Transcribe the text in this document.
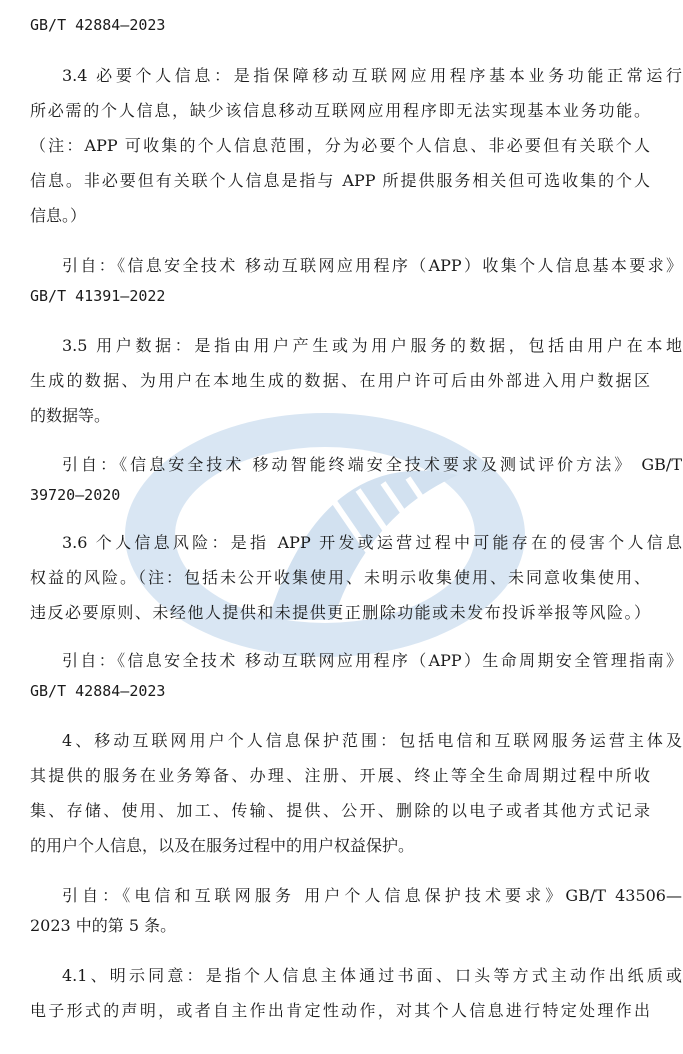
GB/T 42884—2023
3.4 必要个人信息：是指保障移动互联网应用程序基本业务功能正常运行
所必需的个人信息，缺少该信息移动互联网应用程序即无法实现基本业务功能。
（注：APP 可收集的个人信息范围，分为必要个人信息、非必要但有关联个人
信息。非必要但有关联个人信息是指与 APP 所提供服务相关但可选收集的个人
信息。）
引自：《信息安全技术 移动互联网应用程序（APP）收集个人信息基本要求》
GB/T 41391—2022
3.5 用户数据：是指由用户产生或为用户服务的数据，包括由用户在本地
生成的数据、为用户在本地生成的数据、在用户许可后由外部进入用户数据区
的数据等。
引自：《信息安全技术 移动智能终端安全技术要求及测试评价方法》 GB/T
39720—2020
3.6 个人信息风险：是指 APP 开发或运营过程中可能存在的侵害个人信息
权益的风险。（注：包括未公开收集使用、未明示收集使用、未同意收集使用、
违反必要原则、未经他人提供和未提供更正删除功能或未发布投诉举报等风险。）
引自：《信息安全技术 移动互联网应用程序（APP）生命周期安全管理指南》
GB/T 42884—2023
4、移动互联网用户个人信息保护范围：包括电信和互联网服务运营主体及
其提供的服务在业务筹备、办理、注册、开展、终止等全生命周期过程中所收
集、存储、使用、加工、传输、提供、公开、删除的以电子或者其他方式记录
的用户个人信息，以及在服务过程中的用户权益保护。
引自：《电信和互联网服务 用户个人信息保护技术要求》GB/T 43506—
2023 中的第 5 条。
4.1、明示同意：是指个人信息主体通过书面、口头等方式主动作出纸质或
电子形式的声明，或者自主作出肯定性动作，对其个人信息进行特定处理作出
